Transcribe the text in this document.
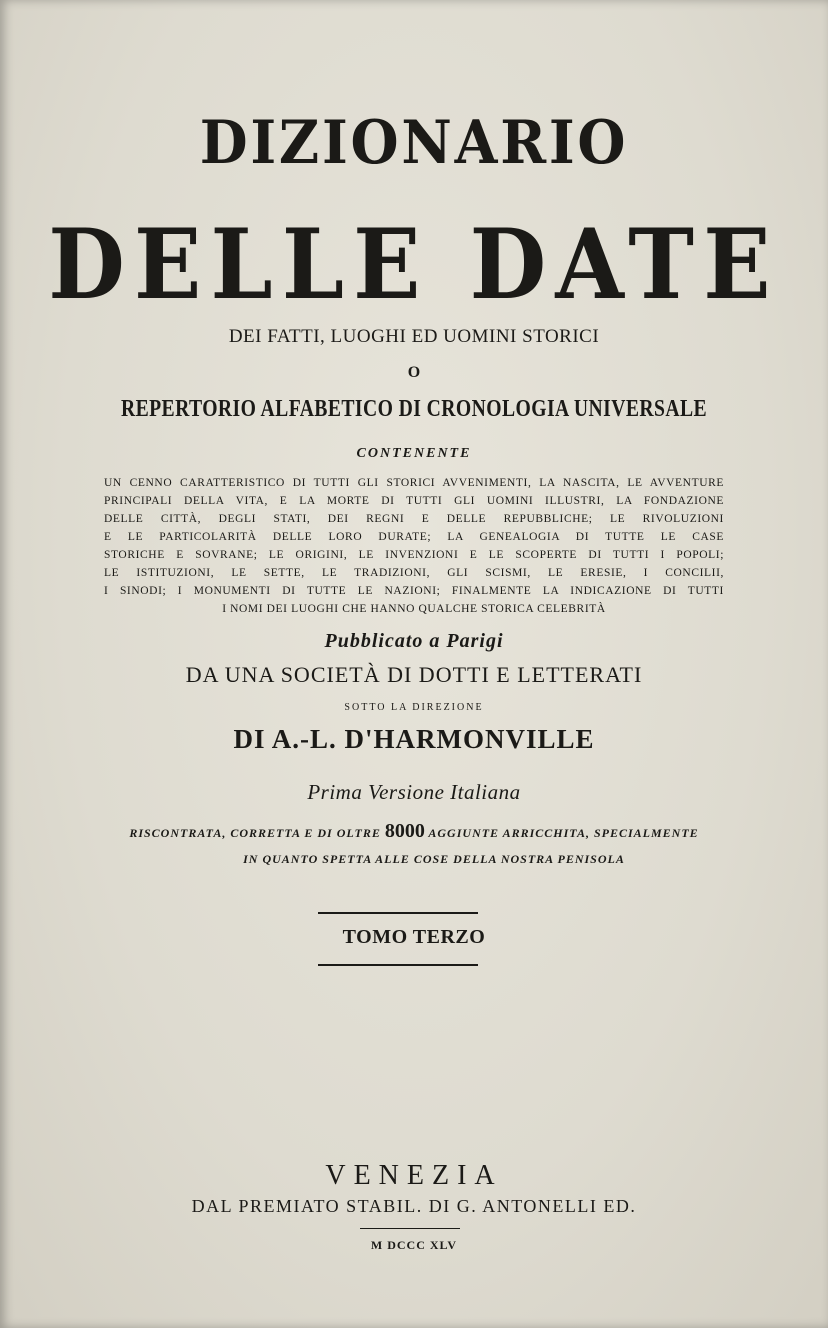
DIZIONARIO
DELLE DATE
DEI FATTI, LUOGHI ED UOMINI STORICI
O
REPERTORIO ALFABETICO DI CRONOLOGIA UNIVERSALE
CONTENENTE
UN CENNO CARATTERISTICO DI TUTTI GLI STORICI AVVENIMENTI, LA NASCITA, LE AVVENTURE
PRINCIPALI DELLA VITA, E LA MORTE DI TUTTI GLI UOMINI ILLUSTRI, LA FONDAZIONE
DELLE CITTÀ, DEGLI STATI, DEI REGNI E DELLE REPUBBLICHE; LE RIVOLUZIONI
E LE PARTICOLARITÀ DELLE LORO DURATE; LA GENEALOGIA DI TUTTE LE CASE
STORICHE E SOVRANE; LE ORIGINI, LE INVENZIONI E LE SCOPERTE DI TUTTI I POPOLI;
LE ISTITUZIONI, LE SETTE, LE TRADIZIONI, GLI SCISMI, LE ERESIE, I CONCILII,
I SINODI; I MONUMENTI DI TUTTE LE NAZIONI; FINALMENTE LA INDICAZIONE DI TUTTI
I NOMI DEI LUOGHI CHE HANNO QUALCHE STORICA CELEBRITÀ
Pubblicato a Parigi
DA UNA SOCIETÀ DI DOTTI E LETTERATI
SOTTO LA DIREZIONE
DI A.-L. D'HARMONVILLE
Prima Versione Italiana
RISCONTRATA, CORRETTA E DI OLTRE 8000 AGGIUNTE ARRICCHITA, SPECIALMENTE
IN QUANTO SPETTA ALLE COSE DELLA NOSTRA PENISOLA
TOMO TERZO
VENEZIA
DAL PREMIATO STABIL. DI G. ANTONELLI ED.
M DCCC XLV
